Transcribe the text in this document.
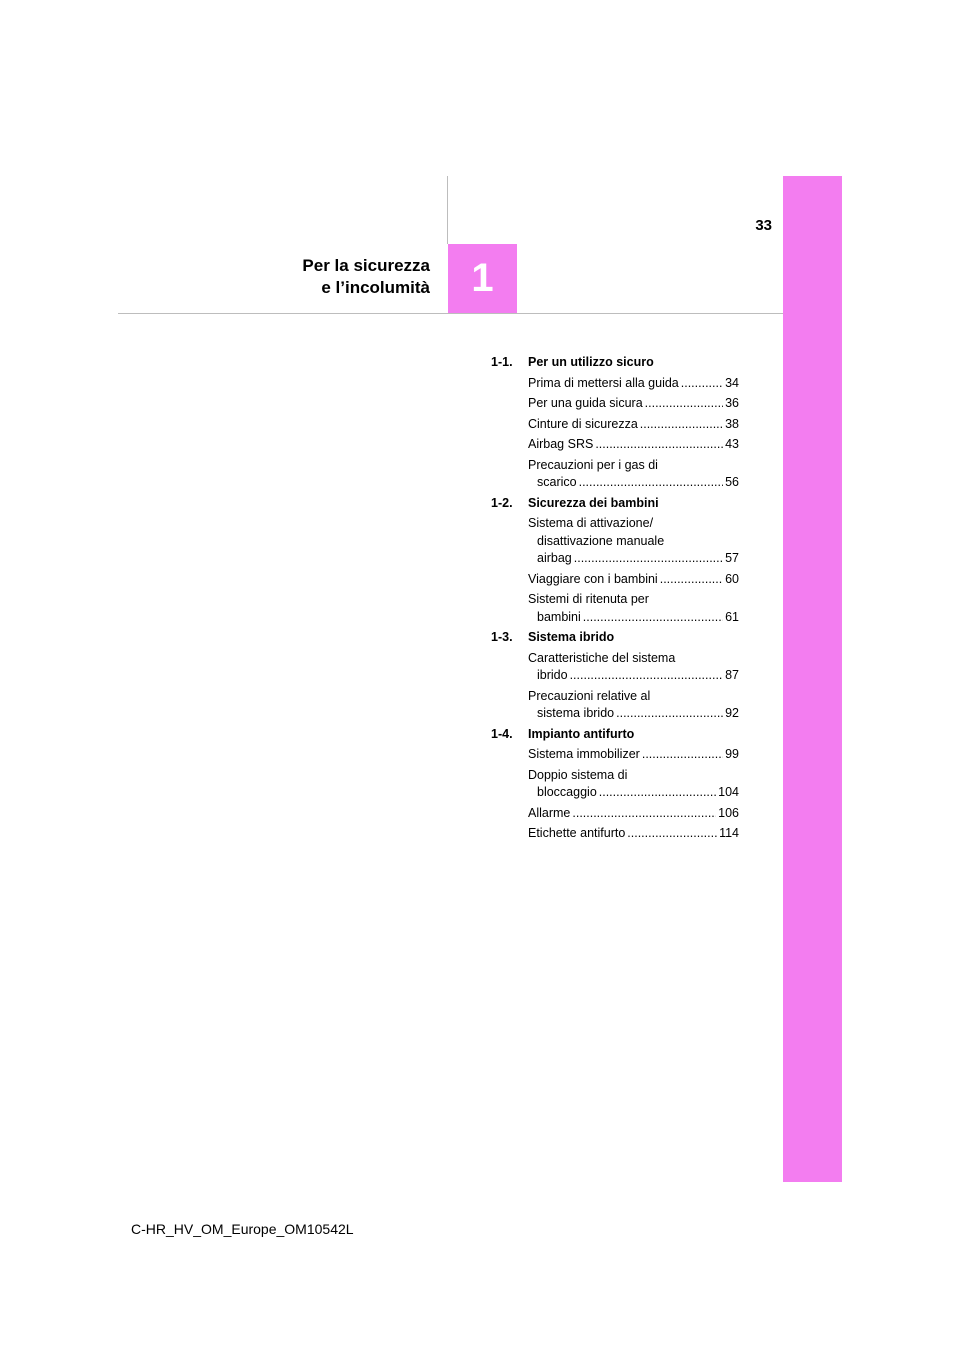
33
1
Per la sicurezza
e l’incolumità
1-1.	Per un utilizzo sicuro
Prima di mettersi alla guida .....	34
Per una guida sicura .....	36
Cinture di sicurezza .....	38
Airbag SRS .....	43
Precauzioni per i gas di
scarico .....	56
1-2.	Sicurezza dei bambini
Sistema di attivazione/
disattivazione manuale
airbag .....	57
Viaggiare con i bambini .....	60
Sistemi di ritenuta per
bambini .....	61
1-3.	Sistema ibrido
Caratteristiche del sistema
ibrido .....	87
Precauzioni relative al
sistema ibrido .....	92
1-4.	Impianto antifurto
Sistema immobilizer .....	99
Doppio sistema di
bloccaggio .....	104
Allarme .....	106
Etichette antifurto .....	114
C-HR_HV_OM_Europe_OM10542L
